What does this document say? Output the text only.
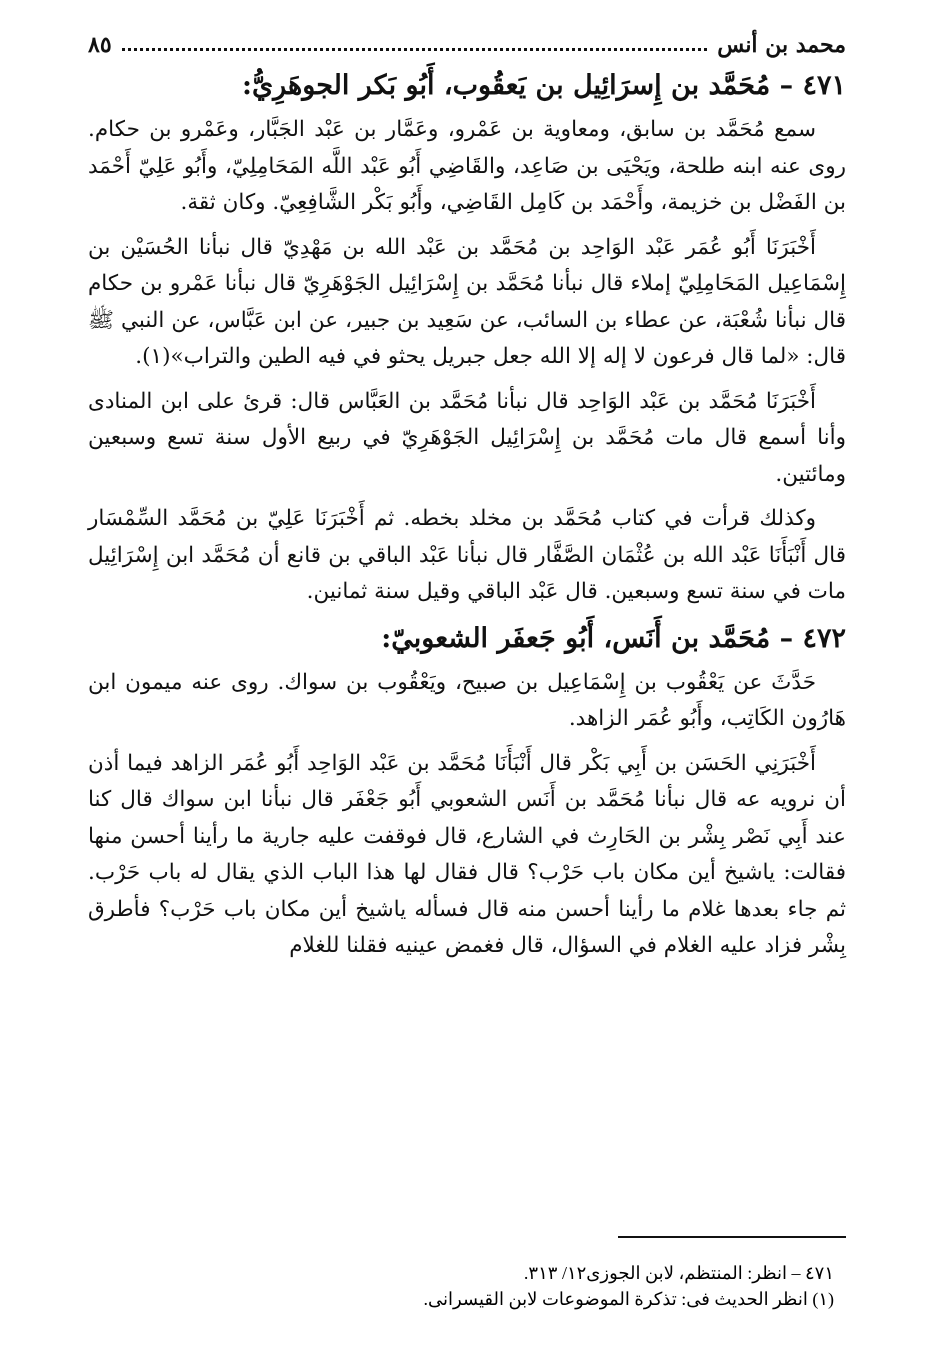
محمد بن أنس
٨٥
٤٧١ – مُحَمَّد بن إِسرَائِيل بن يَعقُوب، أَبُو بَكر الجوهَرِيُّ:

سمع مُحَمَّد بن سابق، ومعاوية بن عَمْرو، وعَمَّار بن عَبْد الجَبَّار، وعَمْرو بن حكام. روى عنه ابنه طلحة، ويَحْيَى بن صَاعِد، والقَاضِي أَبُو عَبْد اللَّه المَحَامِلِيّ، وأَبُو عَلِيّ أَحْمَد بن الفَضْل بن خزيمة، وأَحْمَد بن كَامِل القَاضِي، وأَبُو بَكْر الشَّافِعِيّ. وكان ثقة.

أَخْبَرَنَا أَبُو عُمَر عَبْد الوَاحِد بن مُحَمَّد بن عَبْد الله بن مَهْدِيّ قال نبأنا الحُسَيْن بن إِسْمَاعِيل المَحَامِلِيّ إملاء قال نبأنا مُحَمَّد بن إِسْرَائِيل الجَوْهَرِيّ قال نبأنا عَمْرو بن حكام قال نبأنا شُعْبَة، عن عطاء بن السائب، عن سَعِيد بن جبير، عن ابن عَبَّاس، عن النبي ﷺ قال: «لما قال فرعون لا إله إلا الله جعل جبريل يحثو في فيه الطين والتراب»(١).

أَخْبَرَنَا مُحَمَّد بن عَبْد الوَاحِد قال نبأنا مُحَمَّد بن العَبَّاس قال: قرئ على ابن المنادى وأنا أسمع قال مات مُحَمَّد بن إِسْرَائِيل الجَوْهَرِيّ في ربيع الأول سنة تسع وسبعين ومائتين.

وكذلك قرأت في كتاب مُحَمَّد بن مخلد بخطه. ثم أَخْبَرَنَا عَلِيّ بن مُحَمَّد السِّمْسَار قال أَنْبَأَنَا عَبْد الله بن عُثْمَان الصَّفَّار قال نبأنا عَبْد الباقي بن قانع أن مُحَمَّد ابن إِسْرَائِيل مات في سنة تسع وسبعين. قال عَبْد الباقي وقيل سنة ثمانين.

٤٧٢ – مُحَمَّد بن أَنَس، أَبُو جَعفَر الشعوبيّ:

حَدَّثَ عن يَعْقُوب بن إِسْمَاعِيل بن صبيح، ويَعْقُوب بن سواك. روى عنه ميمون ابن هَارُون الكَاتِب، وأَبُو عُمَر الزاهد.

أَخْبَرَنِي الحَسَن بن أَبِي بَكْر قال أَنْبَأَنَا مُحَمَّد بن عَبْد الوَاحِد أَبُو عُمَر الزاهد فيما أذن أن نرويه عه قال نبأنا مُحَمَّد بن أَنَس الشعوبي أَبُو جَعْفَر قال نبأنا ابن سواك قال كنا عند أَبِي نَصْر بِشْر بن الحَارِث في الشارع، قال فوقفت عليه جارية ما رأينا أحسن منها فقالت: ياشيخ أين مكان باب حَرْب؟ قال فقال لها هذا الباب الذي يقال له باب حَرْب. ثم جاء بعدها غلام ما رأينا أحسن منه قال فسأله ياشيخ أين مكان باب حَرْب؟ فأطرق بِشْر فزاد عليه الغلام في السؤال، قال فغمض عينيه فقلنا للغلام

٤٧١ – انظر: المنتظم، لابن الجوزى١٢/ ٣١٣.

(١) انظر الحديث فى: تذكرة الموضوعات لابن القيسرانى.
